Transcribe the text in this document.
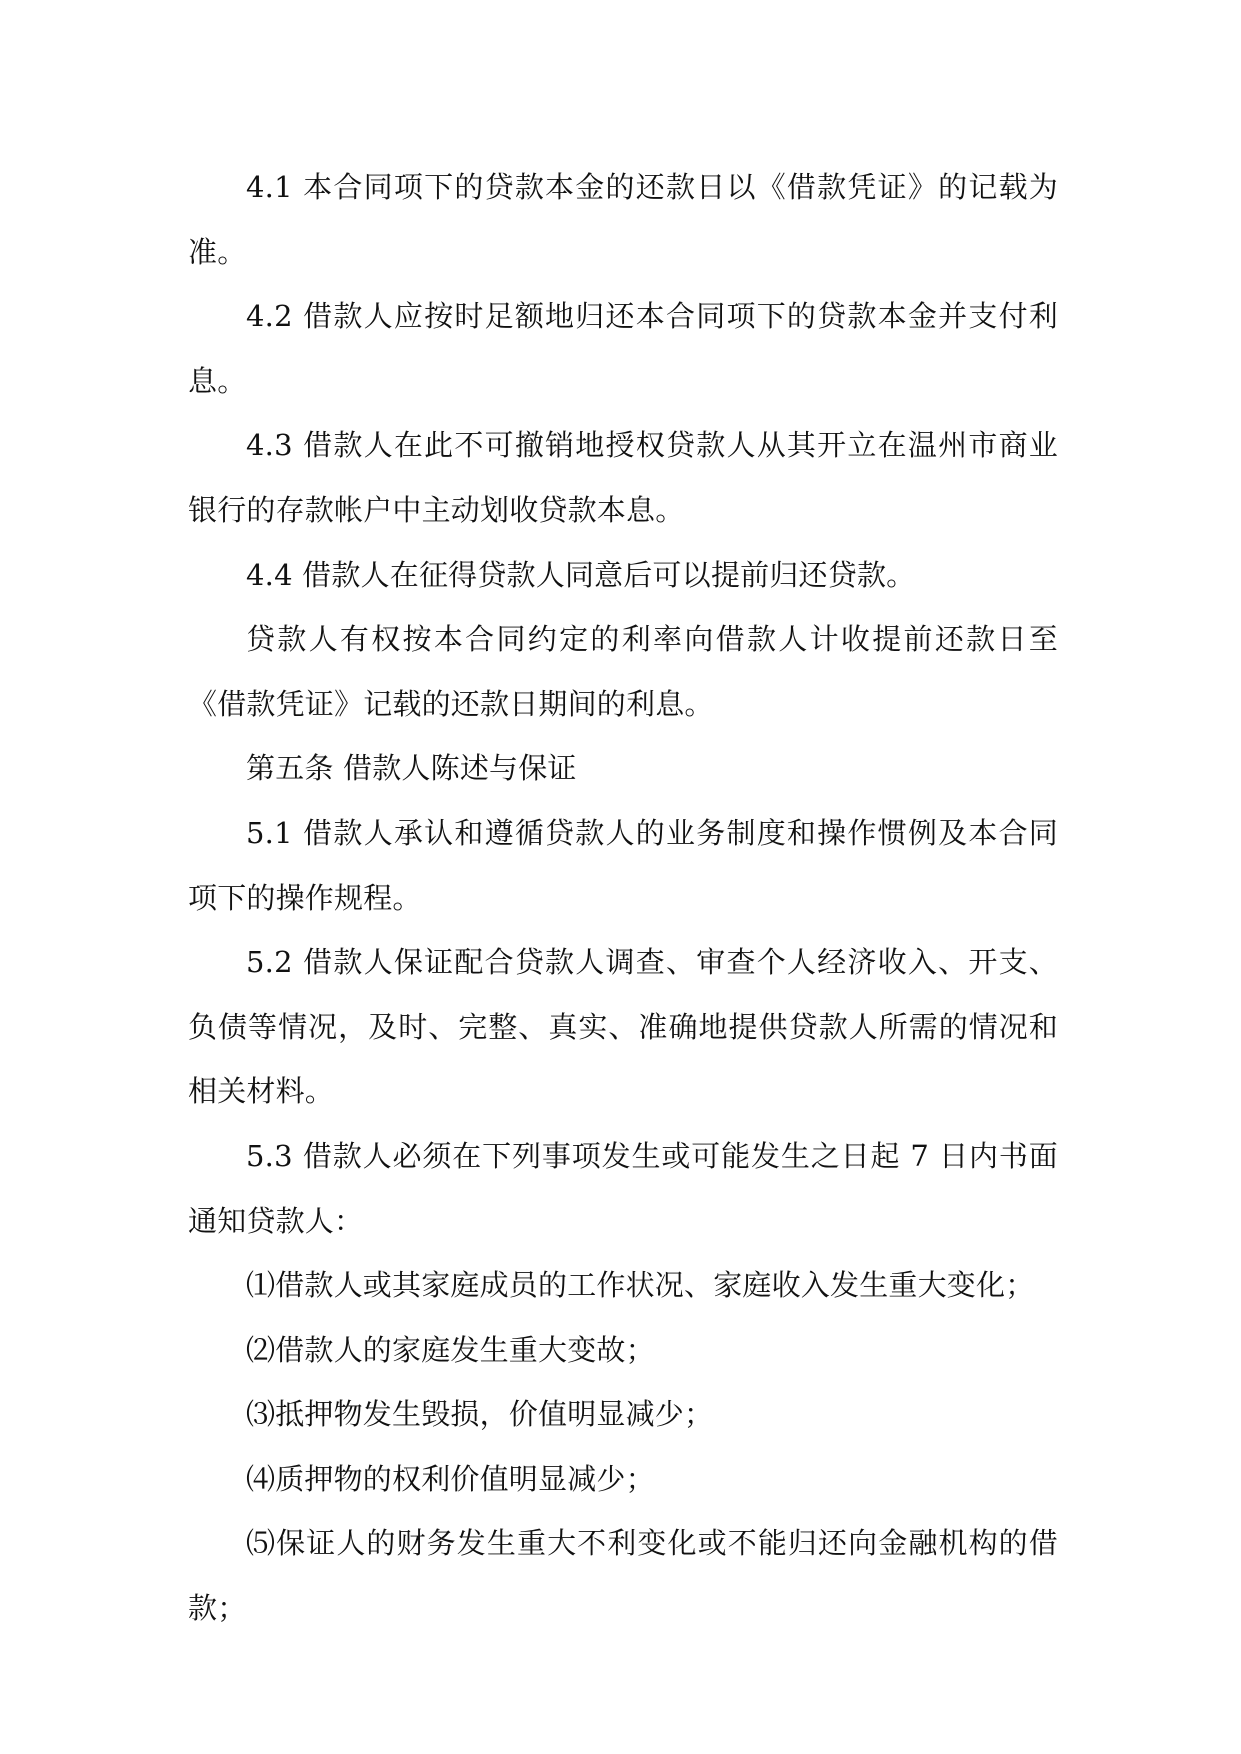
4.1 本合同项下的贷款本金的还款日以《借款凭证》的记载为准。

4.2 借款人应按时足额地归还本合同项下的贷款本金并支付利息。

4.3 借款人在此不可撤销地授权贷款人从其开立在温州市商业银行的存款帐户中主动划收贷款本息。

4.4 借款人在征得贷款人同意后可以提前归还贷款。

贷款人有权按本合同约定的利率向借款人计收提前还款日至《借款凭证》记载的还款日期间的利息。

第五条 借款人陈述与保证

5.1 借款人承认和遵循贷款人的业务制度和操作惯例及本合同项下的操作规程。

5.2 借款人保证配合贷款人调查、审查个人经济收入、开支、负债等情况，及时、完整、真实、准确地提供贷款人所需的情况和相关材料。

5.3 借款人必须在下列事项发生或可能发生之日起 7 日内书面通知贷款人：

⑴借款人或其家庭成员的工作状况、家庭收入发生重大变化；

⑵借款人的家庭发生重大变故；

⑶抵押物发生毁损，价值明显减少；

⑷质押物的权利价值明显减少；

⑸保证人的财务发生重大不利变化或不能归还向金融机构的借款；
